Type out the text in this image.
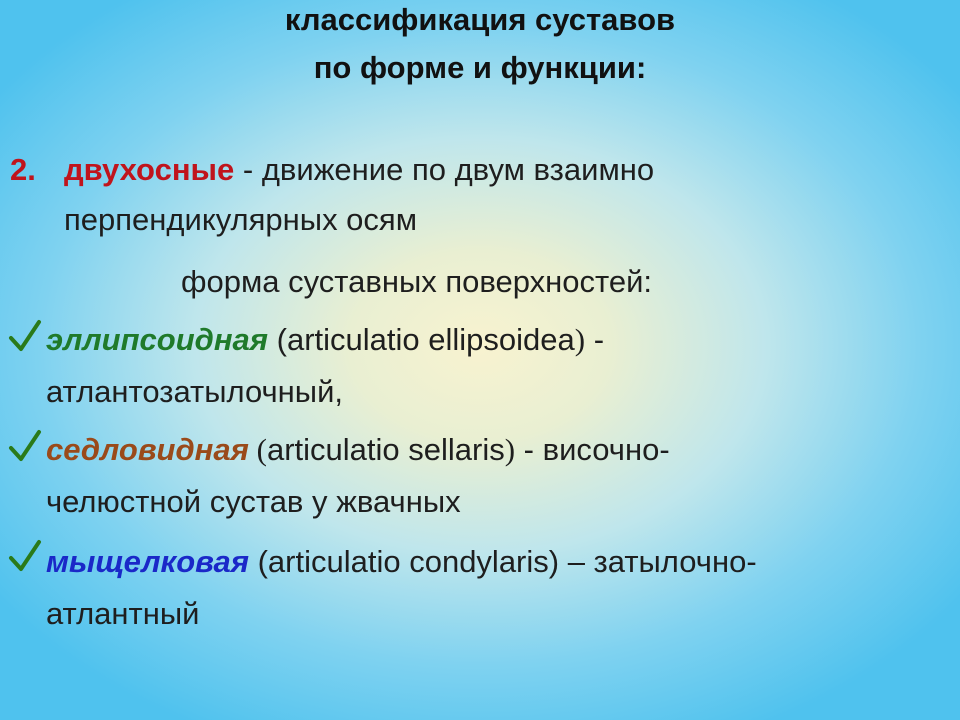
классификация суставов
по форме и функции:
2. двухосные - движение по двум взаимно
перпендикулярных осям
форма суставных поверхностей:
эллипсоидная (articulatio ellipsoidea) -
атлантозатылочный,
седловидная (articulatio sellaris) - височно-
челюстной сустав у жвачных
мыщелковая (articulatio condylaris) – затылочно-
атлантный
